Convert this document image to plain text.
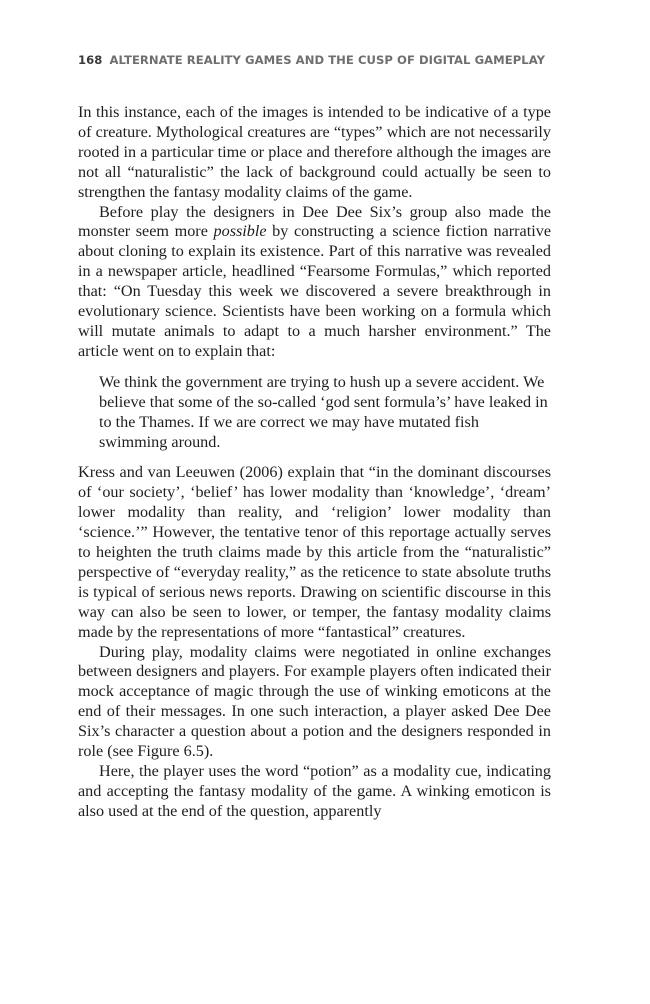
168 ALTERNATE REALITY GAMES AND THE CUSP OF DIGITAL GAMEPLAY

In this instance, each of the images is intended to be indicative of a type of creature. Mythological creatures are “types” which are not necessarily rooted in a particular time or place and therefore although the images are not all “naturalistic” the lack of background could actually be seen to strengthen the fantasy modality claims of the game.

Before play the designers in Dee Dee Six’s group also made the monster seem more possible by constructing a science fiction narrative about cloning to explain its existence. Part of this narrative was revealed in a newspaper article, headlined “Fearsome Formulas,” which reported that: “On Tuesday this week we discovered a severe breakthrough in evolutionary science. Scientists have been working on a formula which will mutate animals to adapt to a much harsher environment.” The article went on to explain that:

We think the government are trying to hush up a severe accident. We believe that some of the so-called ‘god sent formula’s’ have leaked in to the Thames. If we are correct we may have mutated fish swimming around.

Kress and van Leeuwen (2006) explain that “in the dominant discourses of ‘our society’, ‘belief’ has lower modality than ‘knowledge’, ‘dream’ lower modality than reality, and ‘religion’ lower modality than ‘science.’” However, the tentative tenor of this reportage actually serves to heighten the truth claims made by this article from the “naturalistic” perspective of “everyday reality,” as the reticence to state absolute truths is typical of serious news reports. Drawing on scientific discourse in this way can also be seen to lower, or temper, the fantasy modality claims made by the representations of more “fantastical” creatures.

During play, modality claims were negotiated in online exchanges between designers and players. For example players often indicated their mock acceptance of magic through the use of winking emoticons at the end of their messages. In one such interaction, a player asked Dee Dee Six’s character a question about a potion and the designers responded in role (see Figure 6.5).

Here, the player uses the word “potion” as a modality cue, indicating and accepting the fantasy modality of the game. A winking emoticon is also used at the end of the question, apparently
